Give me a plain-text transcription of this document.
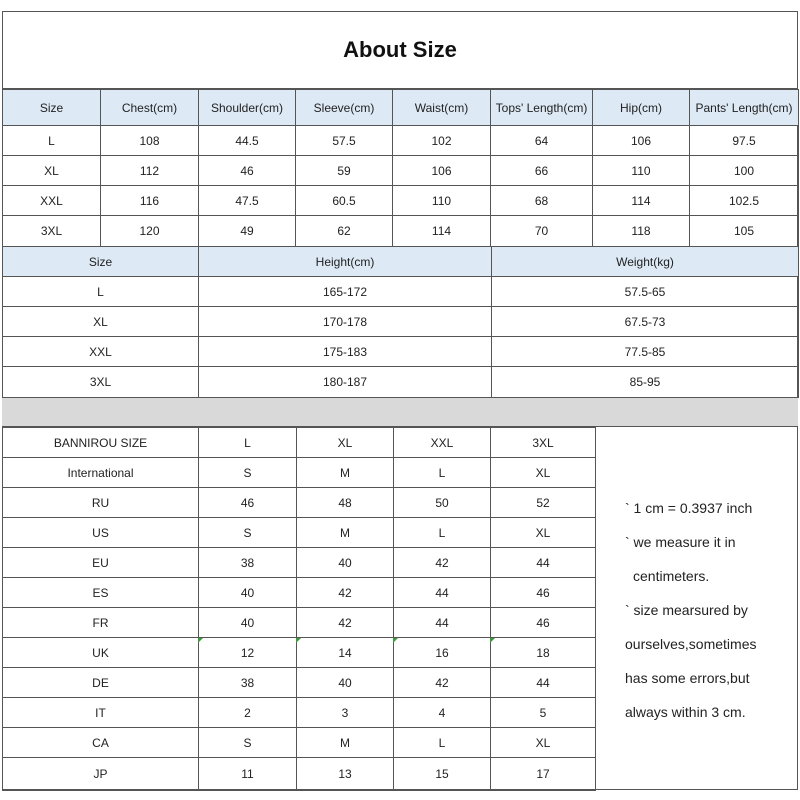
About Size
Size	Chest(cm)	Shoulder(cm)	Sleeve(cm)	Waist(cm)	Tops' Length(cm)	Hip(cm)	Pants' Length(cm)
L	108	44.5	57.5	102	64	106	97.5
XL	112	46	59	106	66	110	100
XXL	116	47.5	60.5	110	68	114	102.5
3XL	120	49	62	114	70	118	105
Size	Height(cm)	Weight(kg)
L	165-172	57.5-65
XL	170-178	67.5-73
XXL	175-183	77.5-85
3XL	180-187	85-95
BANNIROU SIZE	L	XL	XXL	3XL
International	S	M	L	XL
RU	46	48	50	52
US	S	M	L	XL
EU	38	40	42	44
ES	40	42	44	46
FR	40	42	44	46
UK	12	14	16	18
DE	38	40	42	44
IT	2	3	4	5
CA	S	M	L	XL
JP	11	13	15	17
` 1 cm = 0.3937 inch
` we measure it in
centimeters.
` size mearsured by
ourselves,sometimes
has some errors,but
always within 3 cm.
